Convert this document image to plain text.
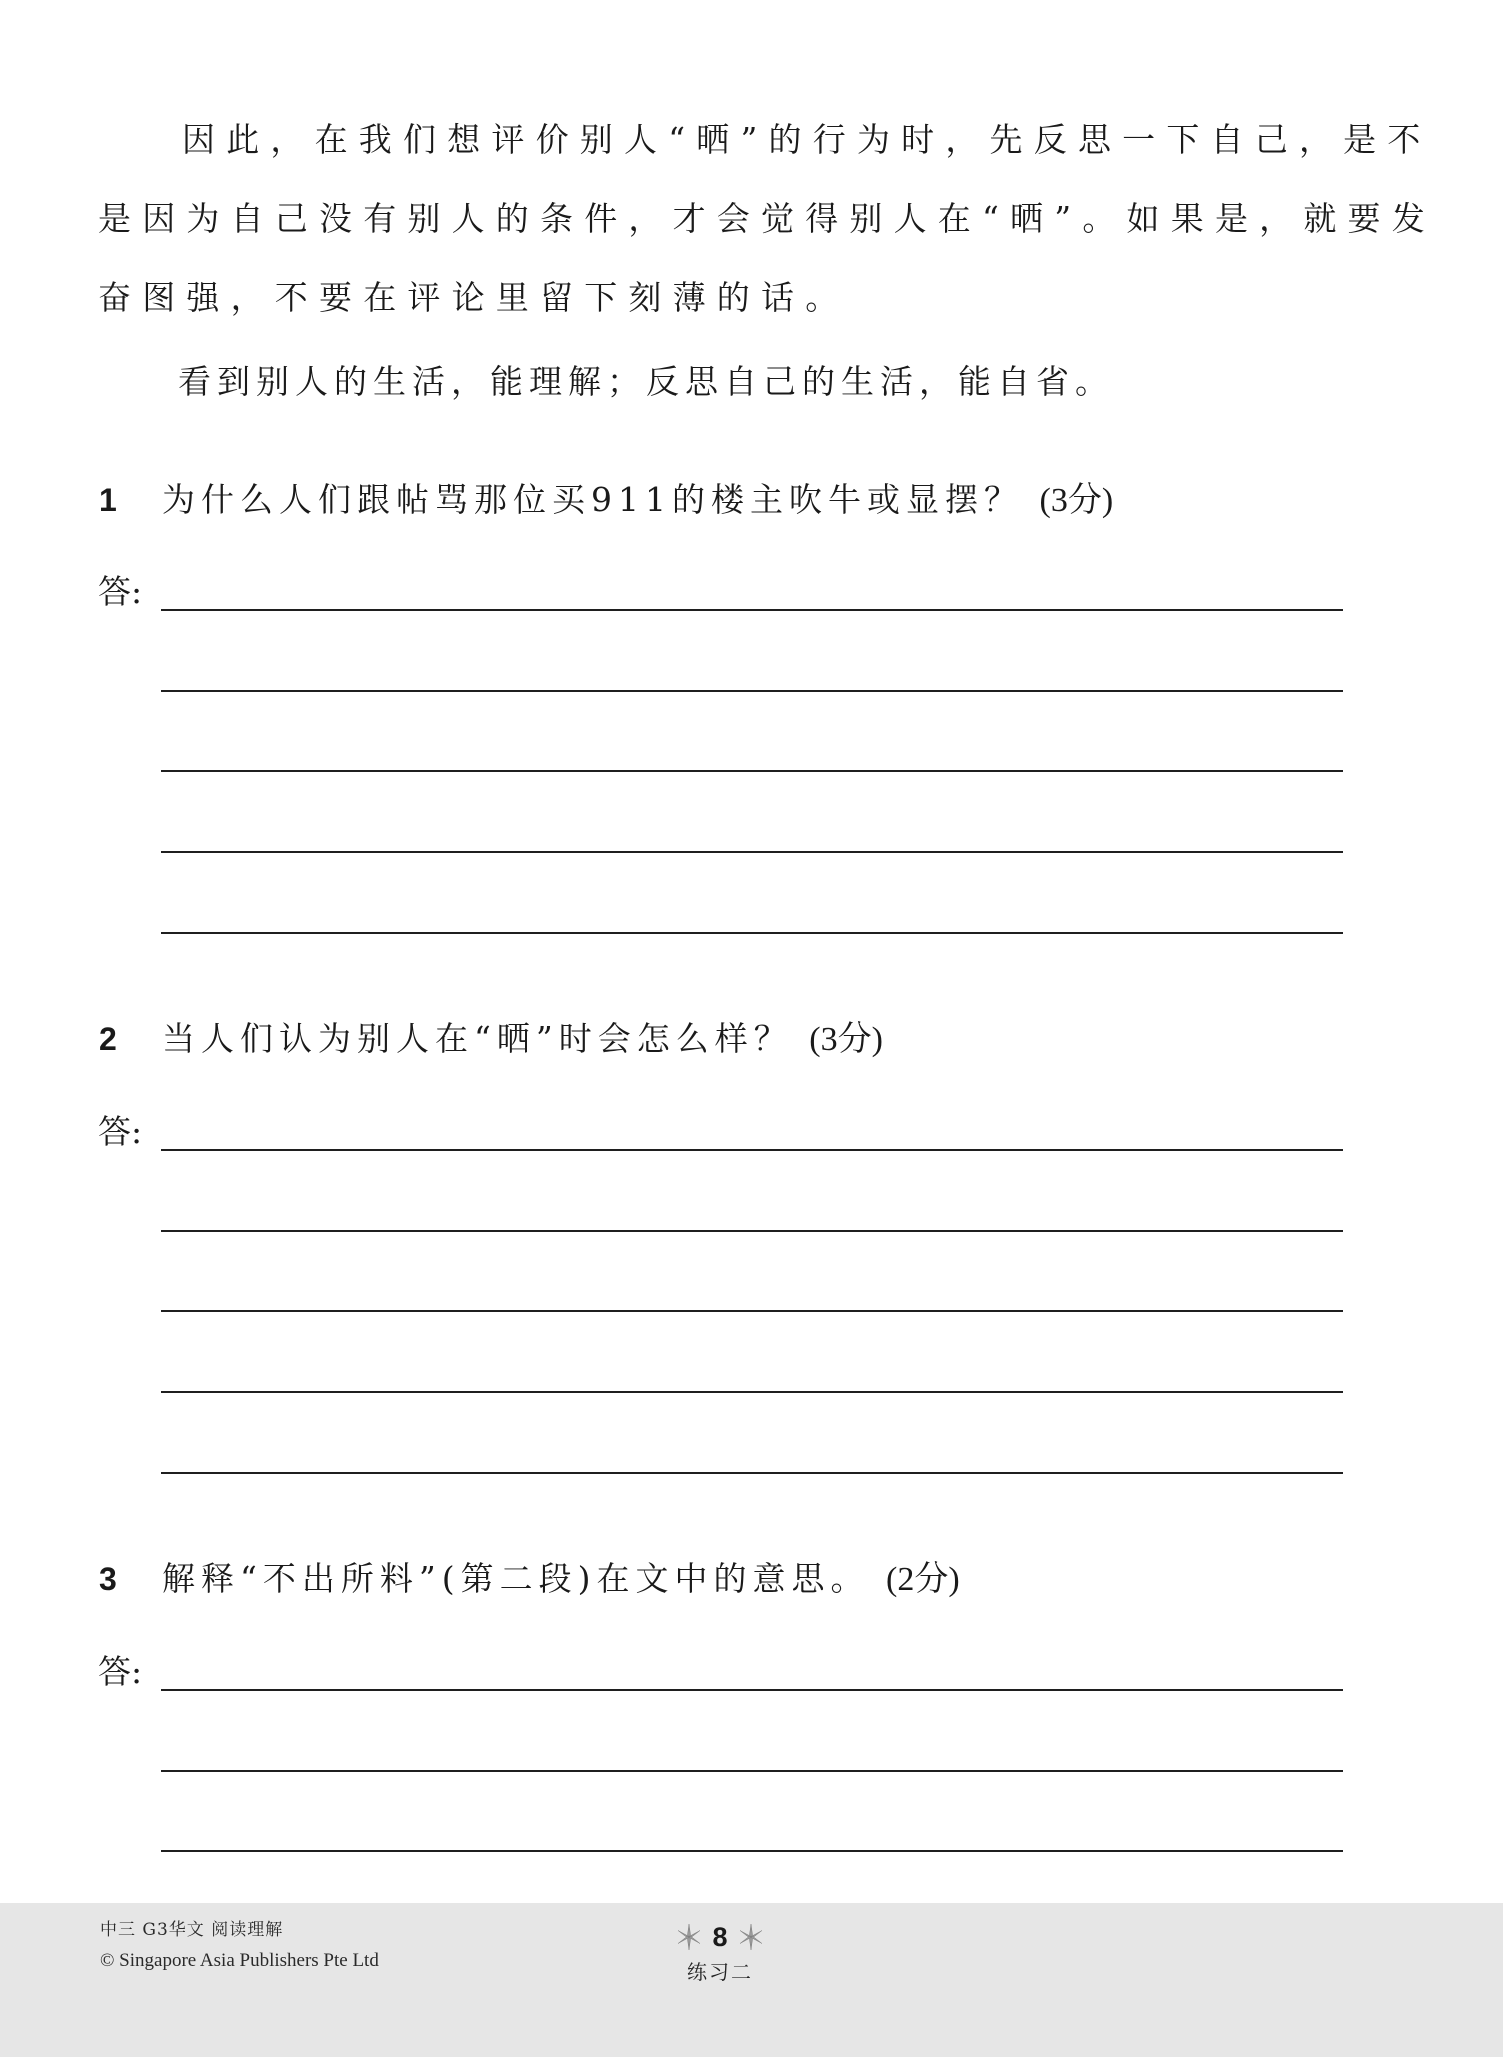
因此，在我们想评价别人“晒”的行为时，先反思一下自己，是不
是因为自己没有别人的条件，才会觉得别人在“晒”。如果是，就要发
奋图强，不要在评论里留下刻薄的话。
看到别人的生活，能理解；反思自己的生活，能自省。
1 为什么人们跟帖骂那位买911的楼主吹牛或显摆？ (3分)
答:
2 当人们认为别人在“晒”时会怎么样？ (3分)
答:
3 解释“不出所料”(第二段)在文中的意思。 (2分)
答:
中三 G3华文 阅读理解
© Singapore Asia Publishers Pte Ltd
8
练习二
